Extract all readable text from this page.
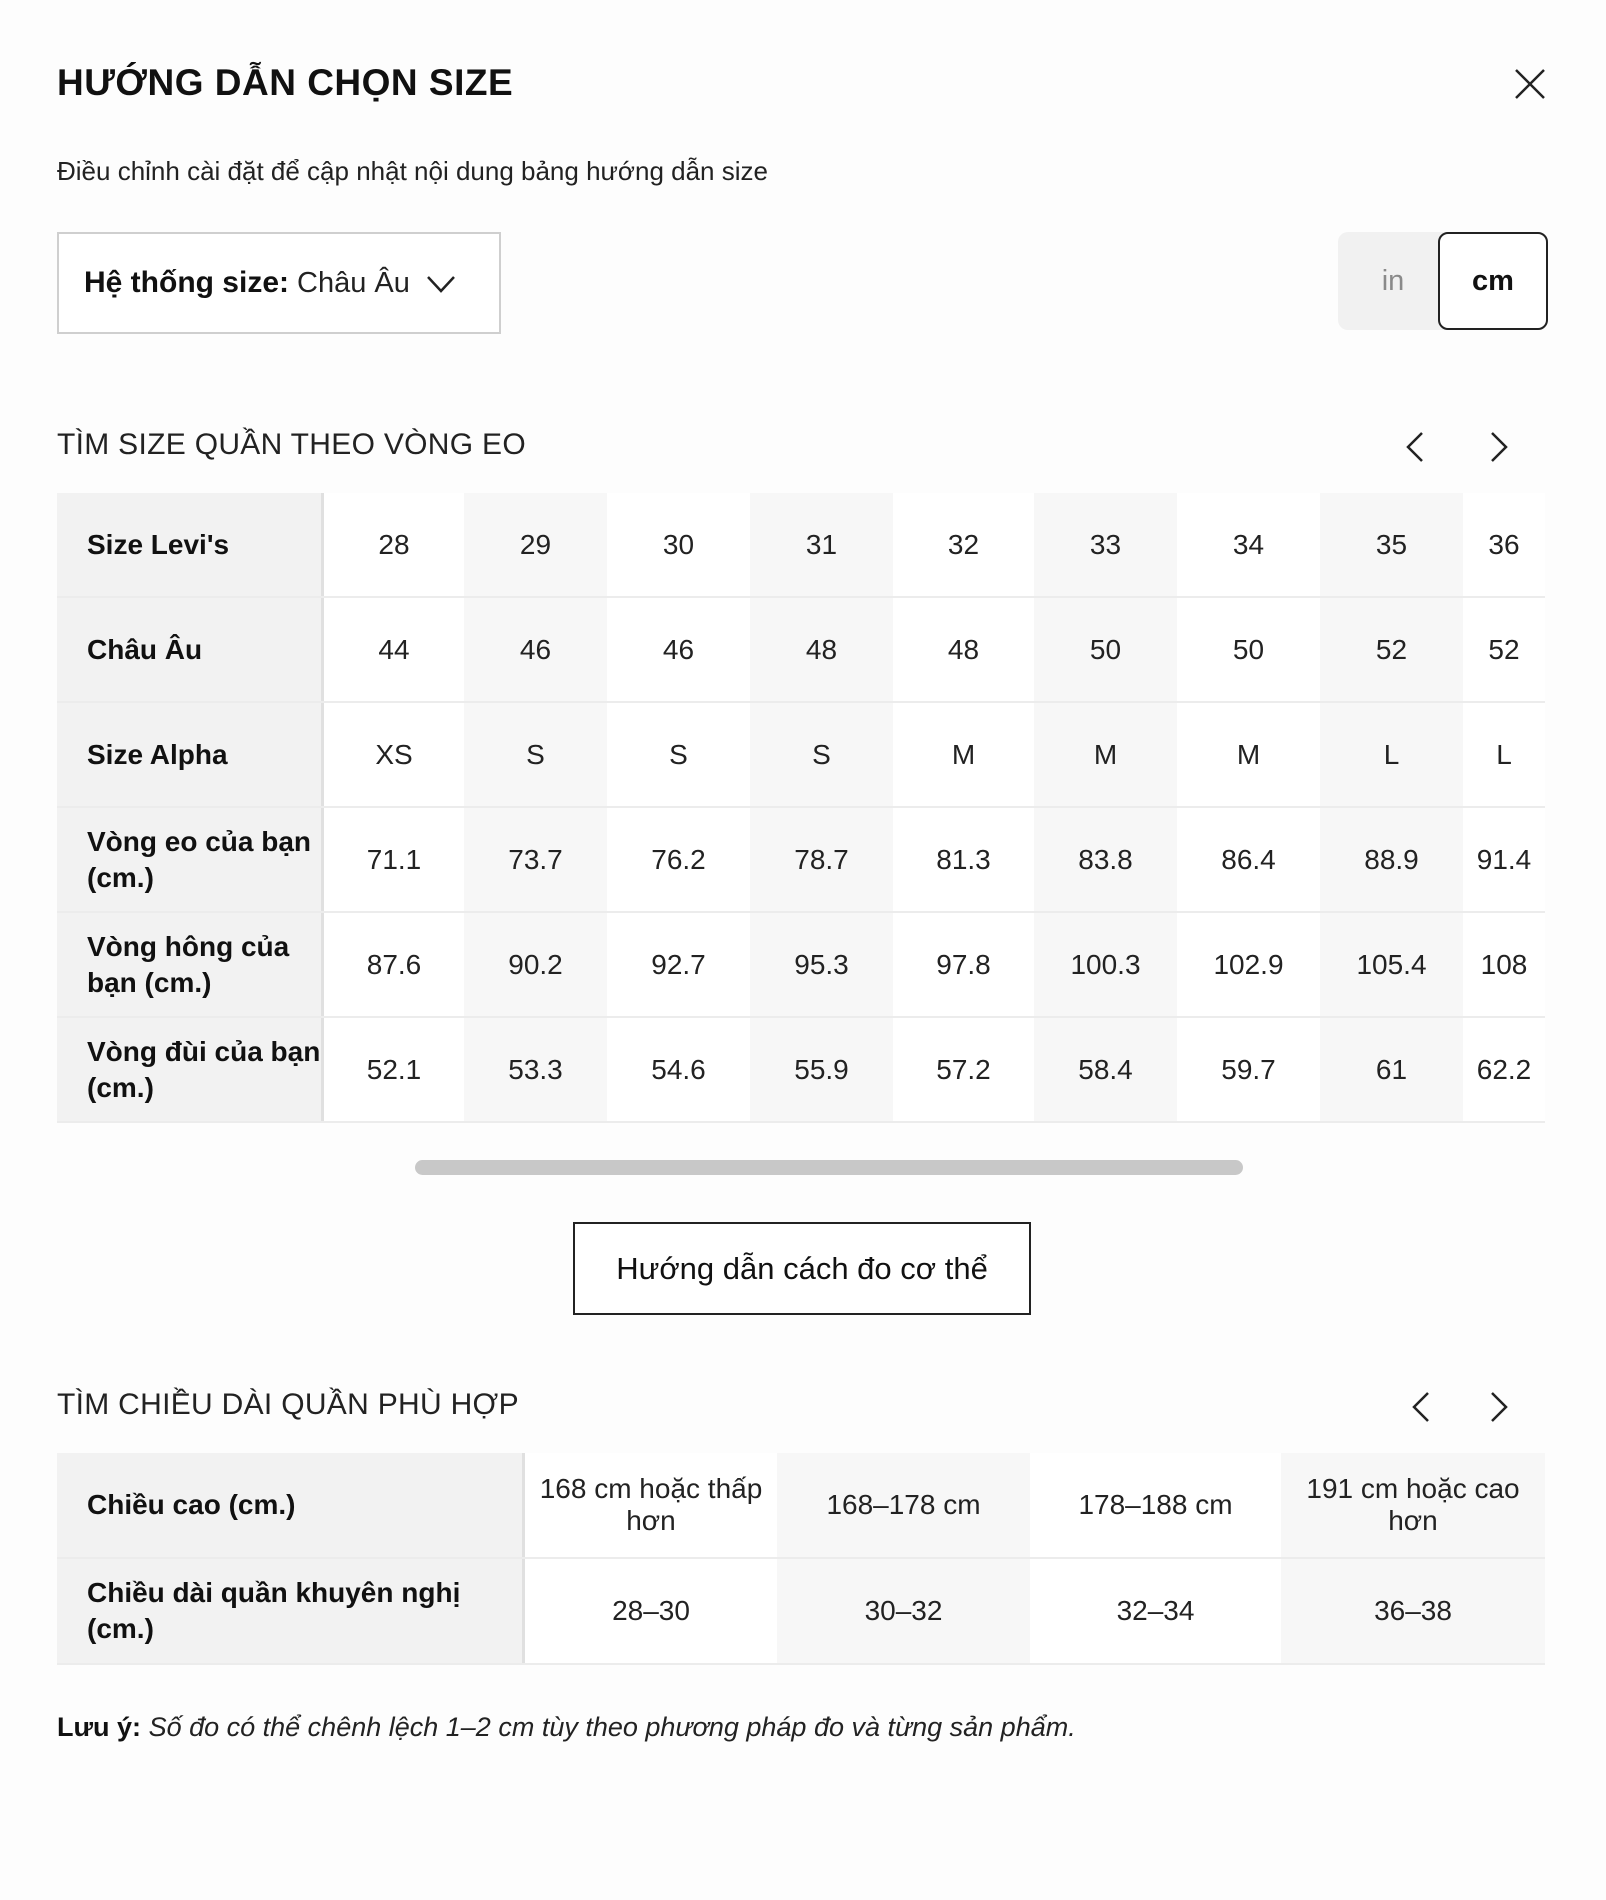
HƯỚNG DẪN CHỌN SIZE
Điều chỉnh cài đặt để cập nhật nội dung bảng hướng dẫn size
Hệ thống size: Châu Âu	in	cm
TÌM SIZE QUẦN THEO VÒNG EO
Size Levi's	28	29	30	31	32	33	34	35	36
Châu Âu	44	46	46	48	48	50	50	52	52
Size Alpha	XS	S	S	S	M	M	M	L	L
Vòng eo của bạn (cm.)	71.1	73.7	76.2	78.7	81.3	83.8	86.4	88.9	91.4
Vòng hông của bạn (cm.)	87.6	90.2	92.7	95.3	97.8	100.3	102.9	105.4	108
Vòng đùi của bạn (cm.)	52.1	53.3	54.6	55.9	57.2	58.4	59.7	61	62.2
Hướng dẫn cách đo cơ thể
TÌM CHIỀU DÀI QUẦN PHÙ HỢP
Chiều cao (cm.)	168 cm hoặc thấp hơn	168–178 cm	178–188 cm	191 cm hoặc cao hơn
Chiều dài quần khuyên nghị (cm.)	28–30	30–32	32–34	36–38
Lưu ý: Số đo có thể chênh lệch 1–2 cm tùy theo phương pháp đo và từng sản phẩm.
